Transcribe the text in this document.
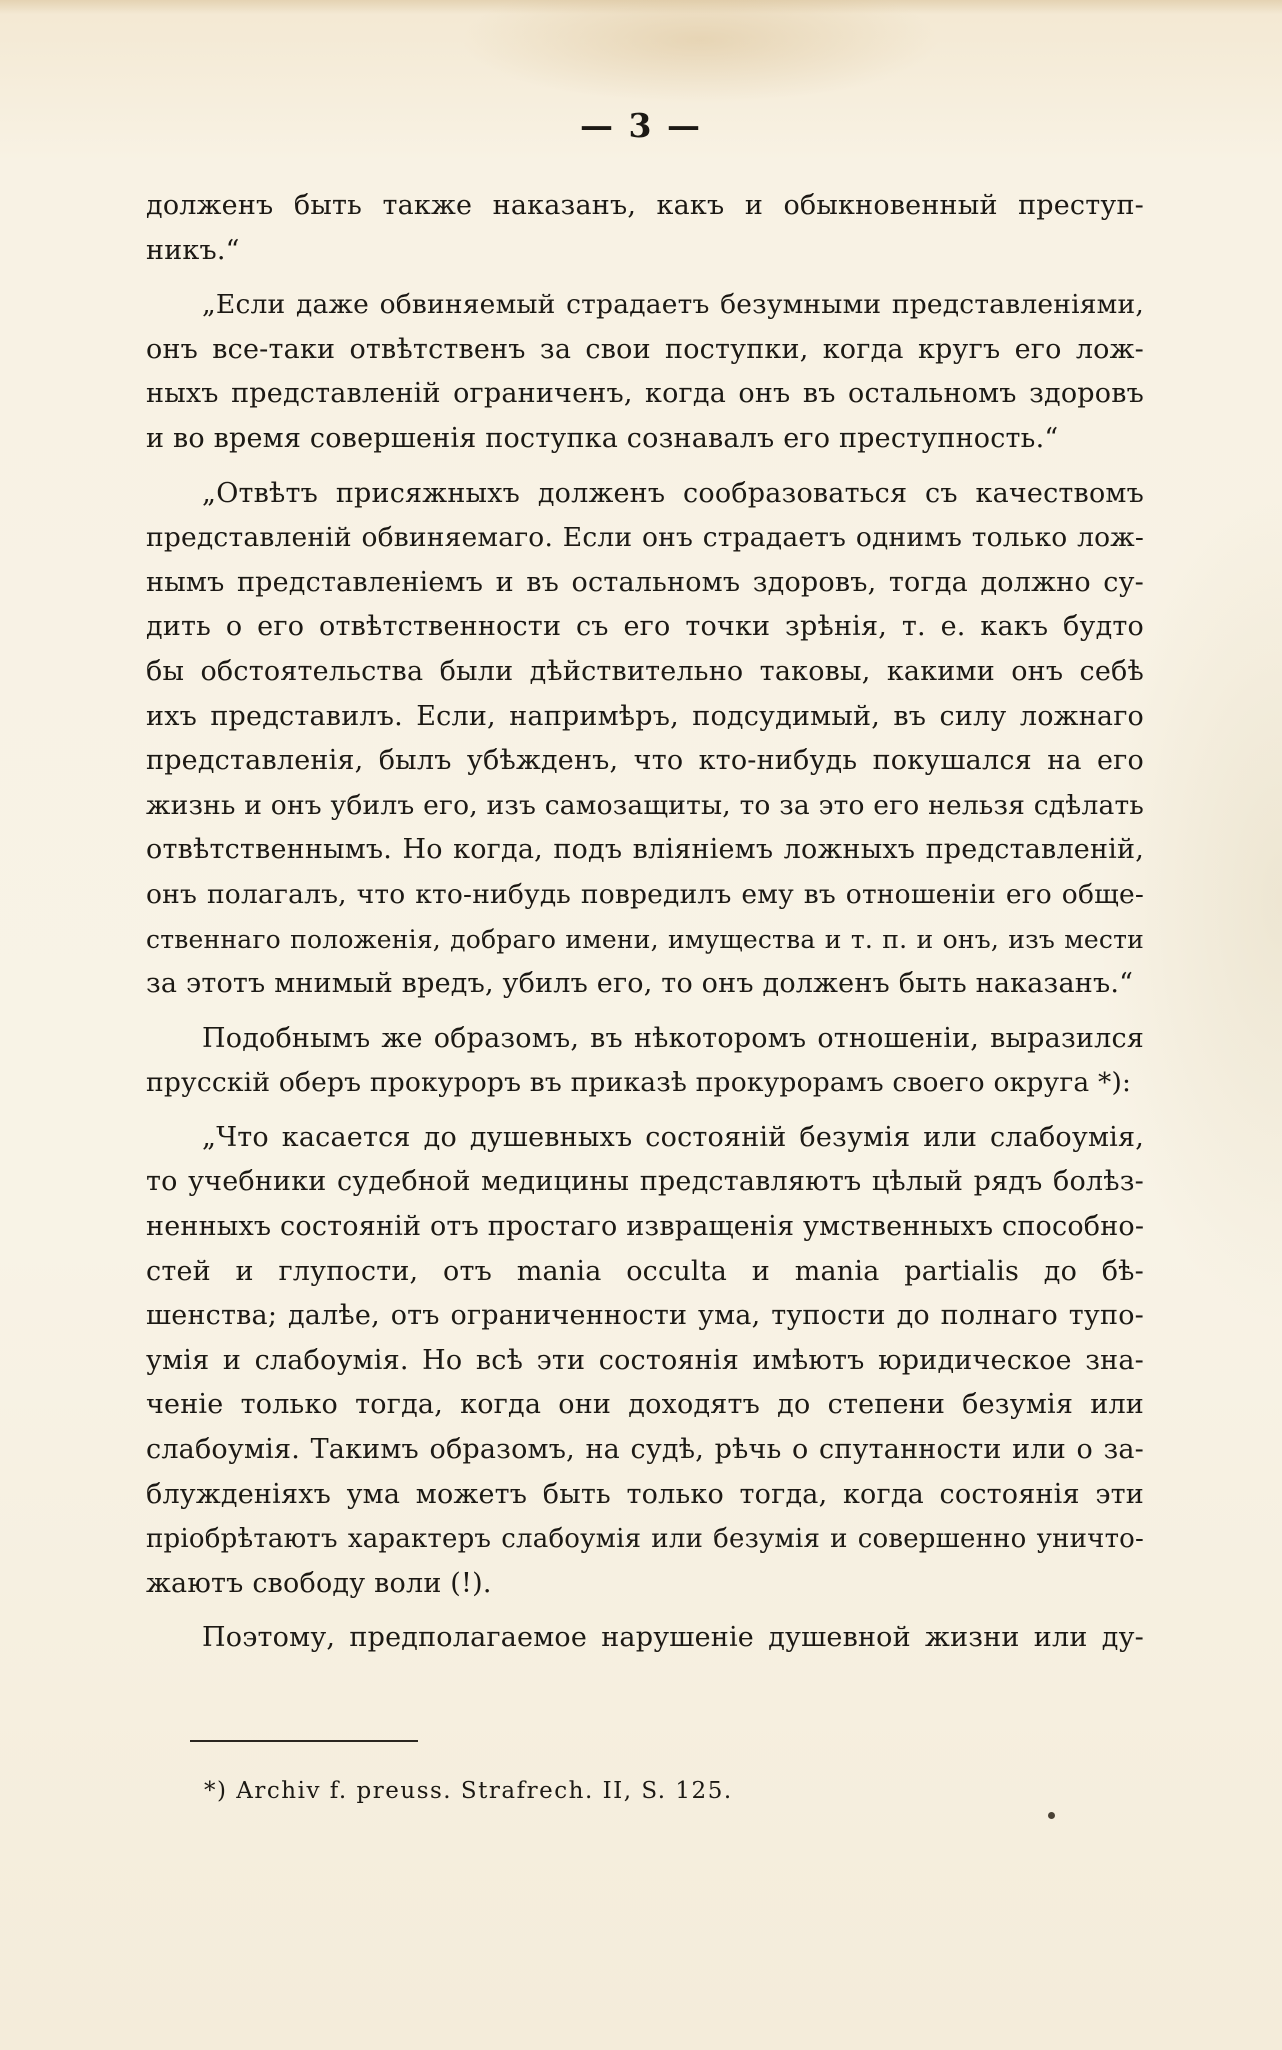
— 3 —
долженъ быть также наказанъ, какъ и обыкновенный преступ-
никъ.“
„Если даже обвиняемый страдаетъ безумными представленіями,
онъ все-таки отвѣтственъ за свои поступки, когда кругъ его лож-
ныхъ представленій ограниченъ, когда онъ въ остальномъ здоровъ
и во время совершенія поступка сознавалъ его преступность.“
„Отвѣтъ присяжныхъ долженъ сообразоваться съ качествомъ
представленій обвиняемаго. Если онъ страдаетъ однимъ только лож-
нымъ представленіемъ и въ остальномъ здоровъ, тогда должно су-
дить о его отвѣтственности съ его точки зрѣнія, т. е. какъ будто
бы обстоятельства были дѣйствительно таковы, какими онъ себѣ
ихъ представилъ. Если, напримѣръ, подсудимый, въ силу ложнаго
представленія, былъ убѣжденъ, что кто-нибудь покушался на его
жизнь и онъ убилъ его, изъ самозащиты, то за это его нельзя сдѣлать
отвѣтственнымъ. Но когда, подъ вліяніемъ ложныхъ представленій,
онъ полагалъ, что кто-нибудь повредилъ ему въ отношеніи его обще-
ственнаго положенія, добраго имени, имущества и т. п. и онъ, изъ мести
за этотъ мнимый вредъ, убилъ его, то онъ долженъ быть наказанъ.“
Подобнымъ же образомъ, въ нѣкоторомъ отношеніи, выразился
прусскій оберъ прокуроръ въ приказѣ прокурорамъ своего округа *):
„Что касается до душевныхъ состояній безумія или слабоумія,
то учебники судебной медицины представляютъ цѣлый рядъ болѣз-
ненныхъ состояній отъ простаго извращенія умственныхъ способно-
стей и глупости, отъ mania occulta и mania partialis до бѣ-
шенства; далѣе, отъ ограниченности ума, тупости до полнаго тупо-
умія и слабоумія. Но всѣ эти состоянія имѣютъ юридическое зна-
ченіе только тогда, когда они доходятъ до степени безумія или
слабоумія. Такимъ образомъ, на судѣ, рѣчь о спутанности или о за-
блужденіяхъ ума можетъ быть только тогда, когда состоянія эти
пріобрѣтаютъ характеръ слабоумія или безумія и совершенно уничто-
жаютъ свободу воли (!).
Поэтому, предполагаемое нарушеніе душевной жизни или ду-
*) Archiv f. preuss. Strafrech. II, S. 125.
